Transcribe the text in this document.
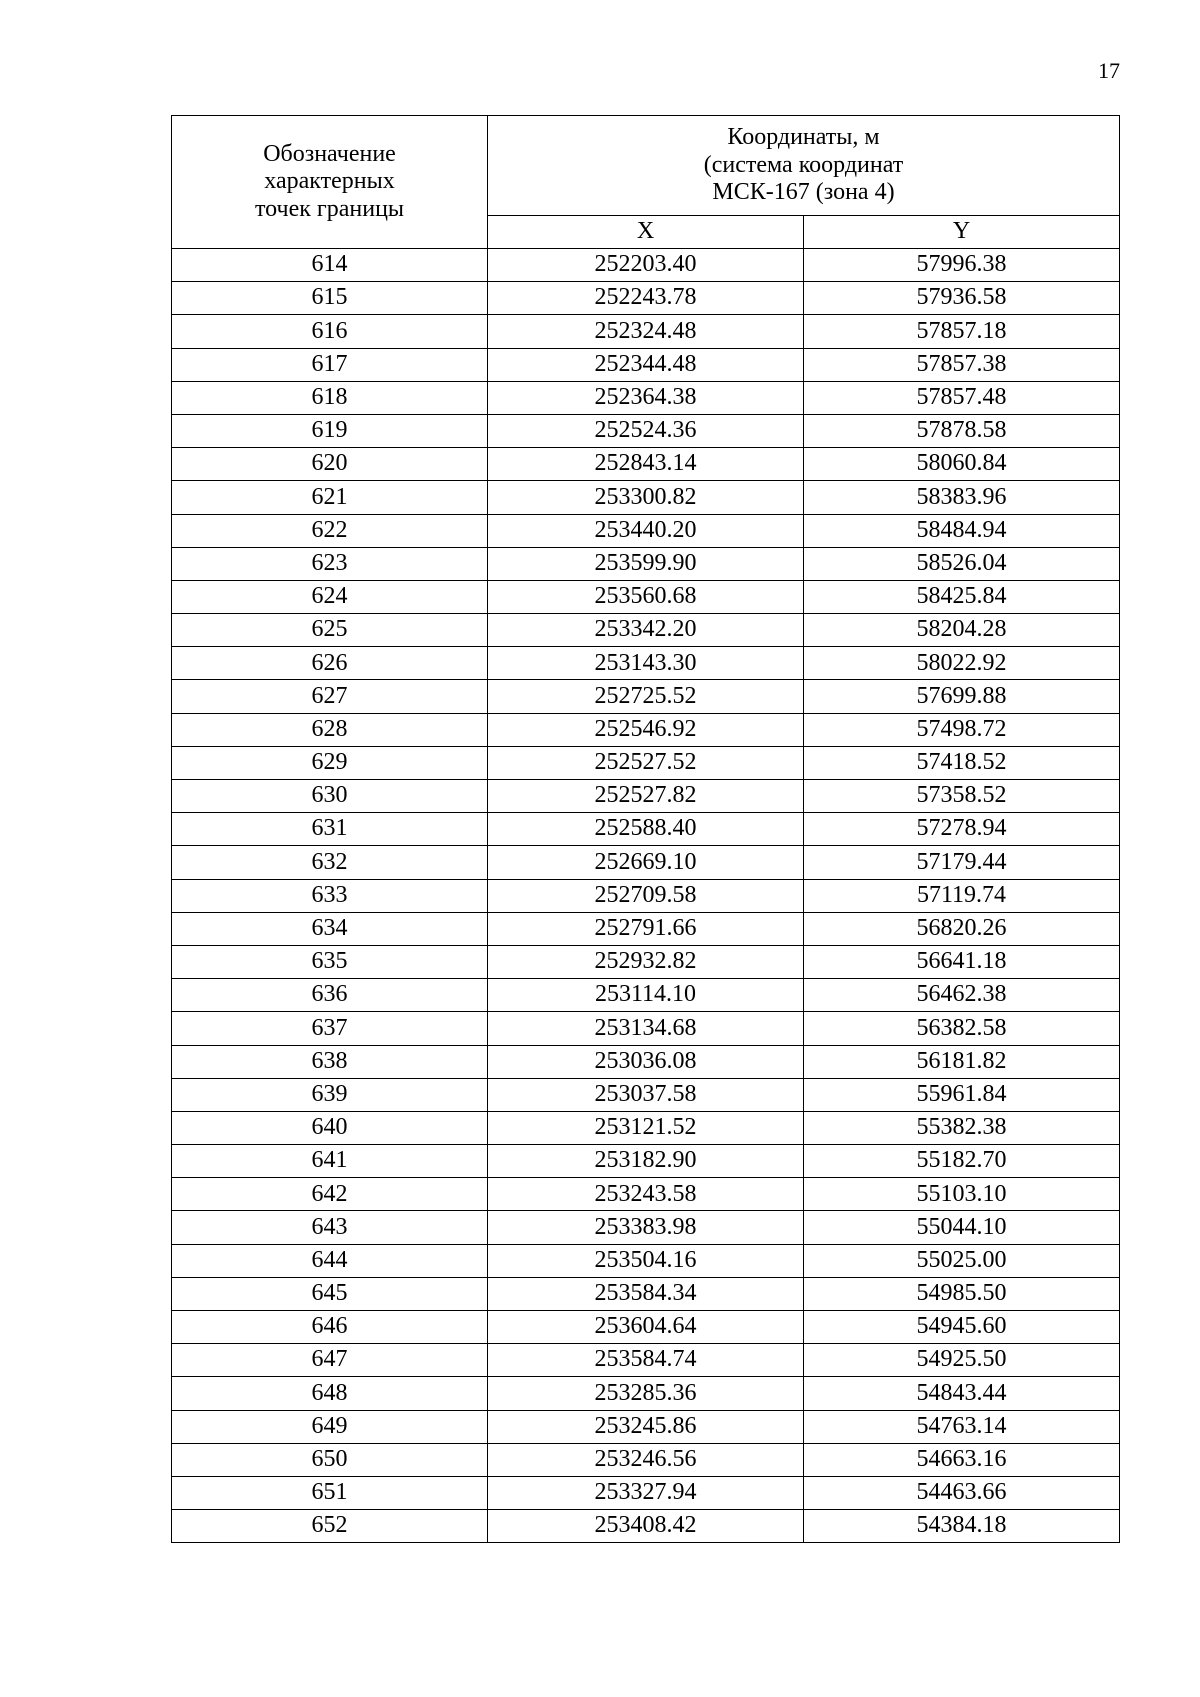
17
Обозначение
характерных
точек границы	Координаты, м
(система координат
МСК-167 (зона 4)	
	X	Y
614	252203.40	57996.38
615	252243.78	57936.58
616	252324.48	57857.18
617	252344.48	57857.38
618	252364.38	57857.48
619	252524.36	57878.58
620	252843.14	58060.84
621	253300.82	58383.96
622	253440.20	58484.94
623	253599.90	58526.04
624	253560.68	58425.84
625	253342.20	58204.28
626	253143.30	58022.92
627	252725.52	57699.88
628	252546.92	57498.72
629	252527.52	57418.52
630	252527.82	57358.52
631	252588.40	57278.94
632	252669.10	57179.44
633	252709.58	57119.74
634	252791.66	56820.26
635	252932.82	56641.18
636	253114.10	56462.38
637	253134.68	56382.58
638	253036.08	56181.82
639	253037.58	55961.84
640	253121.52	55382.38
641	253182.90	55182.70
642	253243.58	55103.10
643	253383.98	55044.10
644	253504.16	55025.00
645	253584.34	54985.50
646	253604.64	54945.60
647	253584.74	54925.50
648	253285.36	54843.44
649	253245.86	54763.14
650	253246.56	54663.16
651	253327.94	54463.66
652	253408.42	54384.18
